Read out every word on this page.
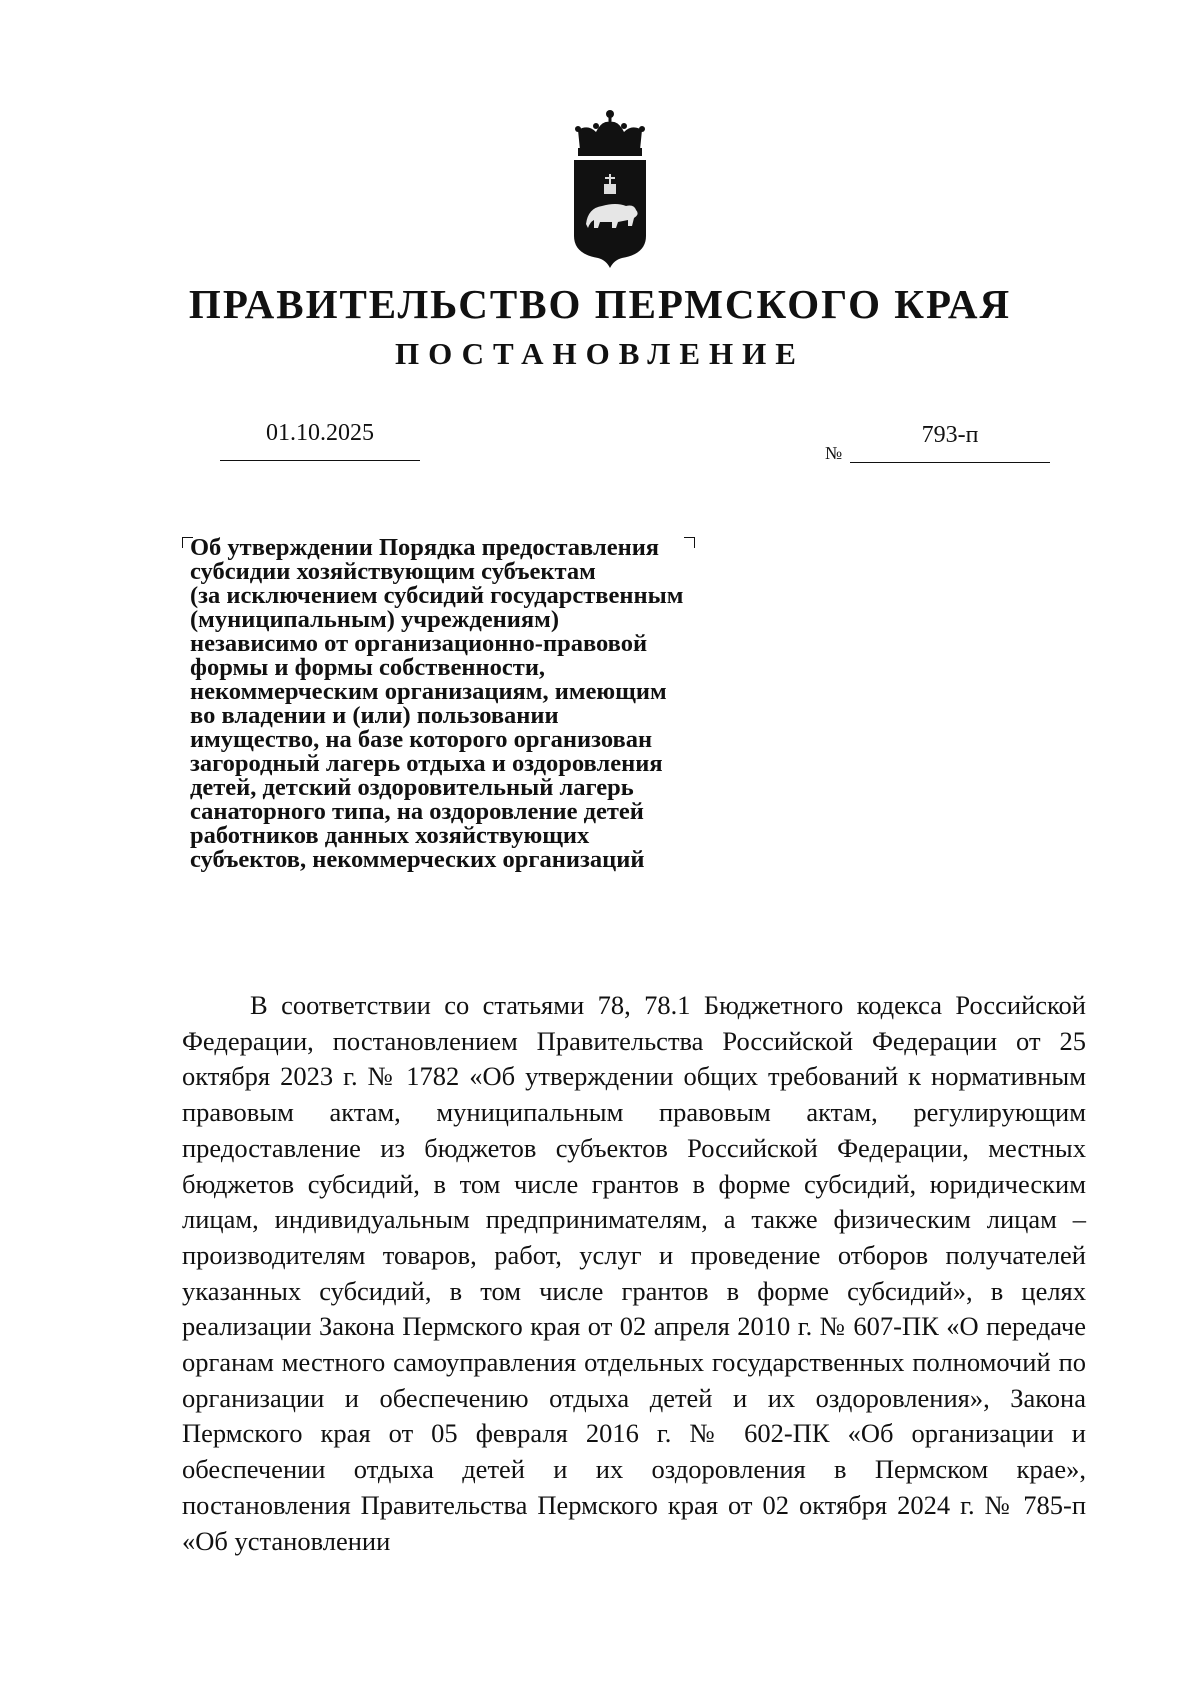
ПРАВИТЕЛЬСТВО ПЕРМСКОГО КРАЯ
ПОСТАНОВЛЕНИЕ
01.10.2025
№
793-п

Об утверждении Порядка предоставления
субсидии хозяйствующим субъектам
(за исключением субсидий государственным
(муниципальным) учреждениям)
независимо от организационно-правовой
формы и формы собственности,
некоммерческим организациям, имеющим
во владении и (или) пользовании
имущество, на базе которого организован
загородный лагерь отдыха и оздоровления
детей, детский оздоровительный лагерь
санаторного типа, на оздоровление детей
работников данных хозяйствующих
субъектов, некоммерческих организаций

В соответствии со статьями 78, 78.1 Бюджетного кодекса Российской Федерации, постановлением Правительства Российской Федерации от 25 октября 2023 г. № 1782 «Об утверждении общих требований к нормативным правовым актам, муниципальным правовым актам, регулирующим предоставление из бюджетов субъектов Российской Федерации, местных бюджетов субсидий, в том числе грантов в форме субсидий, юридическим лицам, индивидуальным предпринимателям, а также физическим лицам – производителям товаров, работ, услуг и проведение отборов получателей указанных субсидий, в том числе грантов в форме субсидий», в целях реализации Закона Пермского края от 02 апреля 2010 г. № 607-ПК «О передаче органам местного самоуправления отдельных государственных полномочий по организации и обеспечению отдыха детей и их оздоровления», Закона Пермского края от 05 февраля 2016 г. № 602-ПК «Об организации и обеспечении отдыха детей и их оздоровления в Пермском крае», постановления Правительства Пермского края от 02 октября 2024 г. № 785-п «Об установлении
